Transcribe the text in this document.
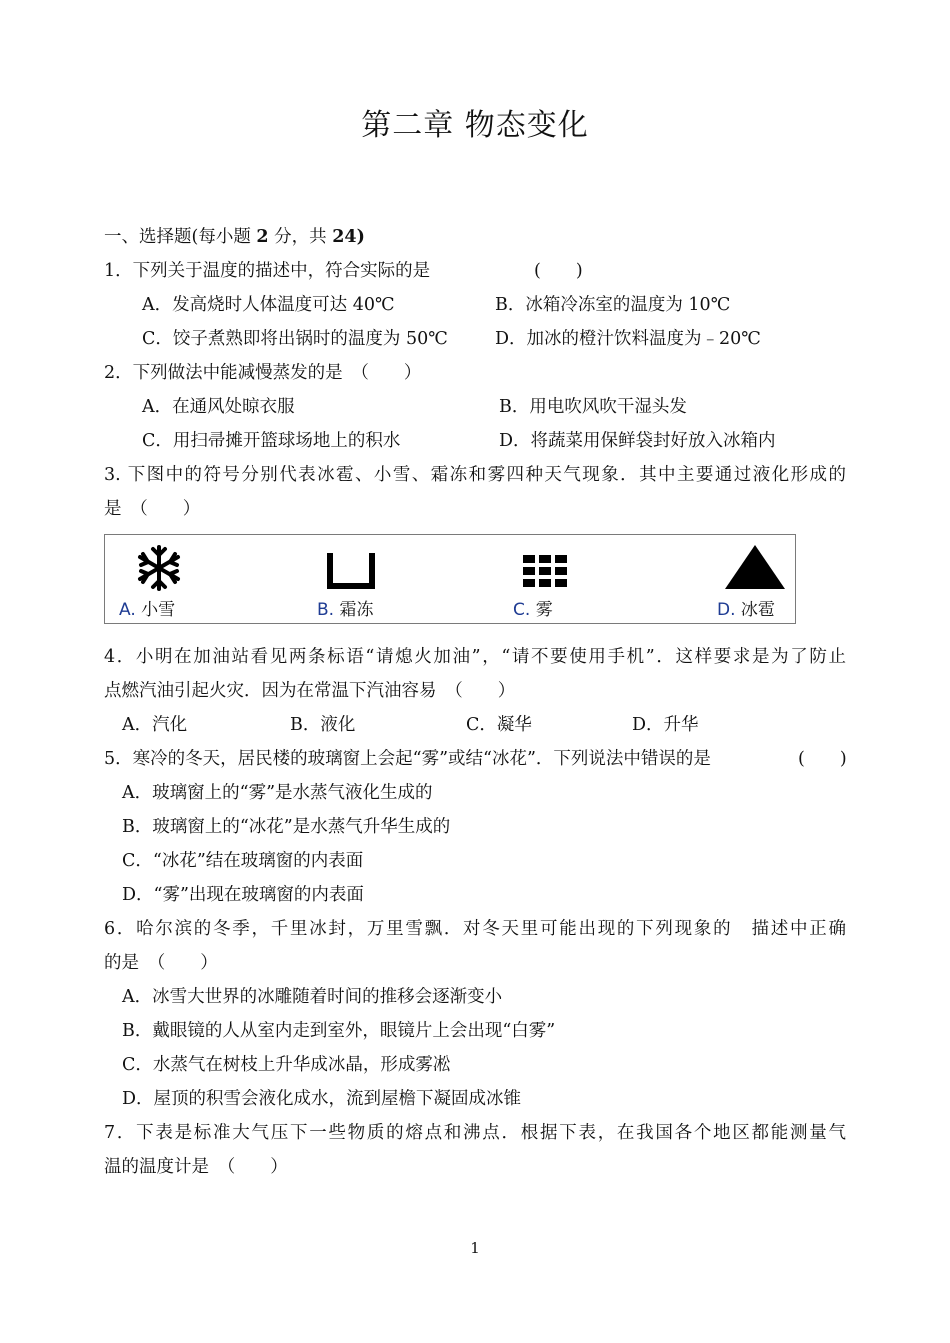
第二章 物态变化
一、选择题(每小题 2 分，共 24)
1．下列关于温度的描述中，符合实际的是	(　　)
A．发高烧时人体温度可达 40℃	B．冰箱冷冻室的温度为 10℃
C．饺子煮熟即将出锅时的温度为 50℃	D．加冰的橙汁饮料温度为﹣20℃
2．下列做法中能减慢蒸发的是　（　　）
A．在通风处晾衣服	B．用电吹风吹干湿头发
C．用扫帚摊开篮球场地上的积水	D．将蔬菜用保鲜袋封好放入冰箱内
3. 下图中的符号分别代表冰雹、小雪、霜冻和雾四种天气现象．其中主要通过液化形成的
是　（　　）
A. 小雪	B. 霜冻	C. 雾	D. 冰雹
4．小明在加油站看见两条标语“请熄火加油”，“请不要使用手机”．这样要求是为了防止
点燃汽油引起火灾．因为在常温下汽油容易　（　　）
A．汽化	B．液化	C．凝华	D．升华
5．寒冷的冬天，居民楼的玻璃窗上会起“雾”或结“冰花”．下列说法中错误的是	(　　)
A．玻璃窗上的“雾”是水蒸气液化生成的
B．玻璃窗上的“冰花”是水蒸气升华生成的
C．“冰花”结在玻璃窗的内表面
D．“雾”出现在玻璃窗的内表面
6．哈尔滨的冬季，千里冰封，万里雪飘．对冬天里可能出现的下列现象的　描述中正确
的是　（　　）
A．冰雪大世界的冰雕随着时间的推移会逐渐变小
B．戴眼镜的人从室内走到室外，眼镜片上会出现“白雾”
C．水蒸气在树枝上升华成冰晶，形成雾凇
D．屋顶的积雪会液化成水，流到屋檐下凝固成冰锥
7．下表是标准大气压下一些物质的熔点和沸点．根据下表，在我国各个地区都能测量气
温的温度计是　（　　）
1
